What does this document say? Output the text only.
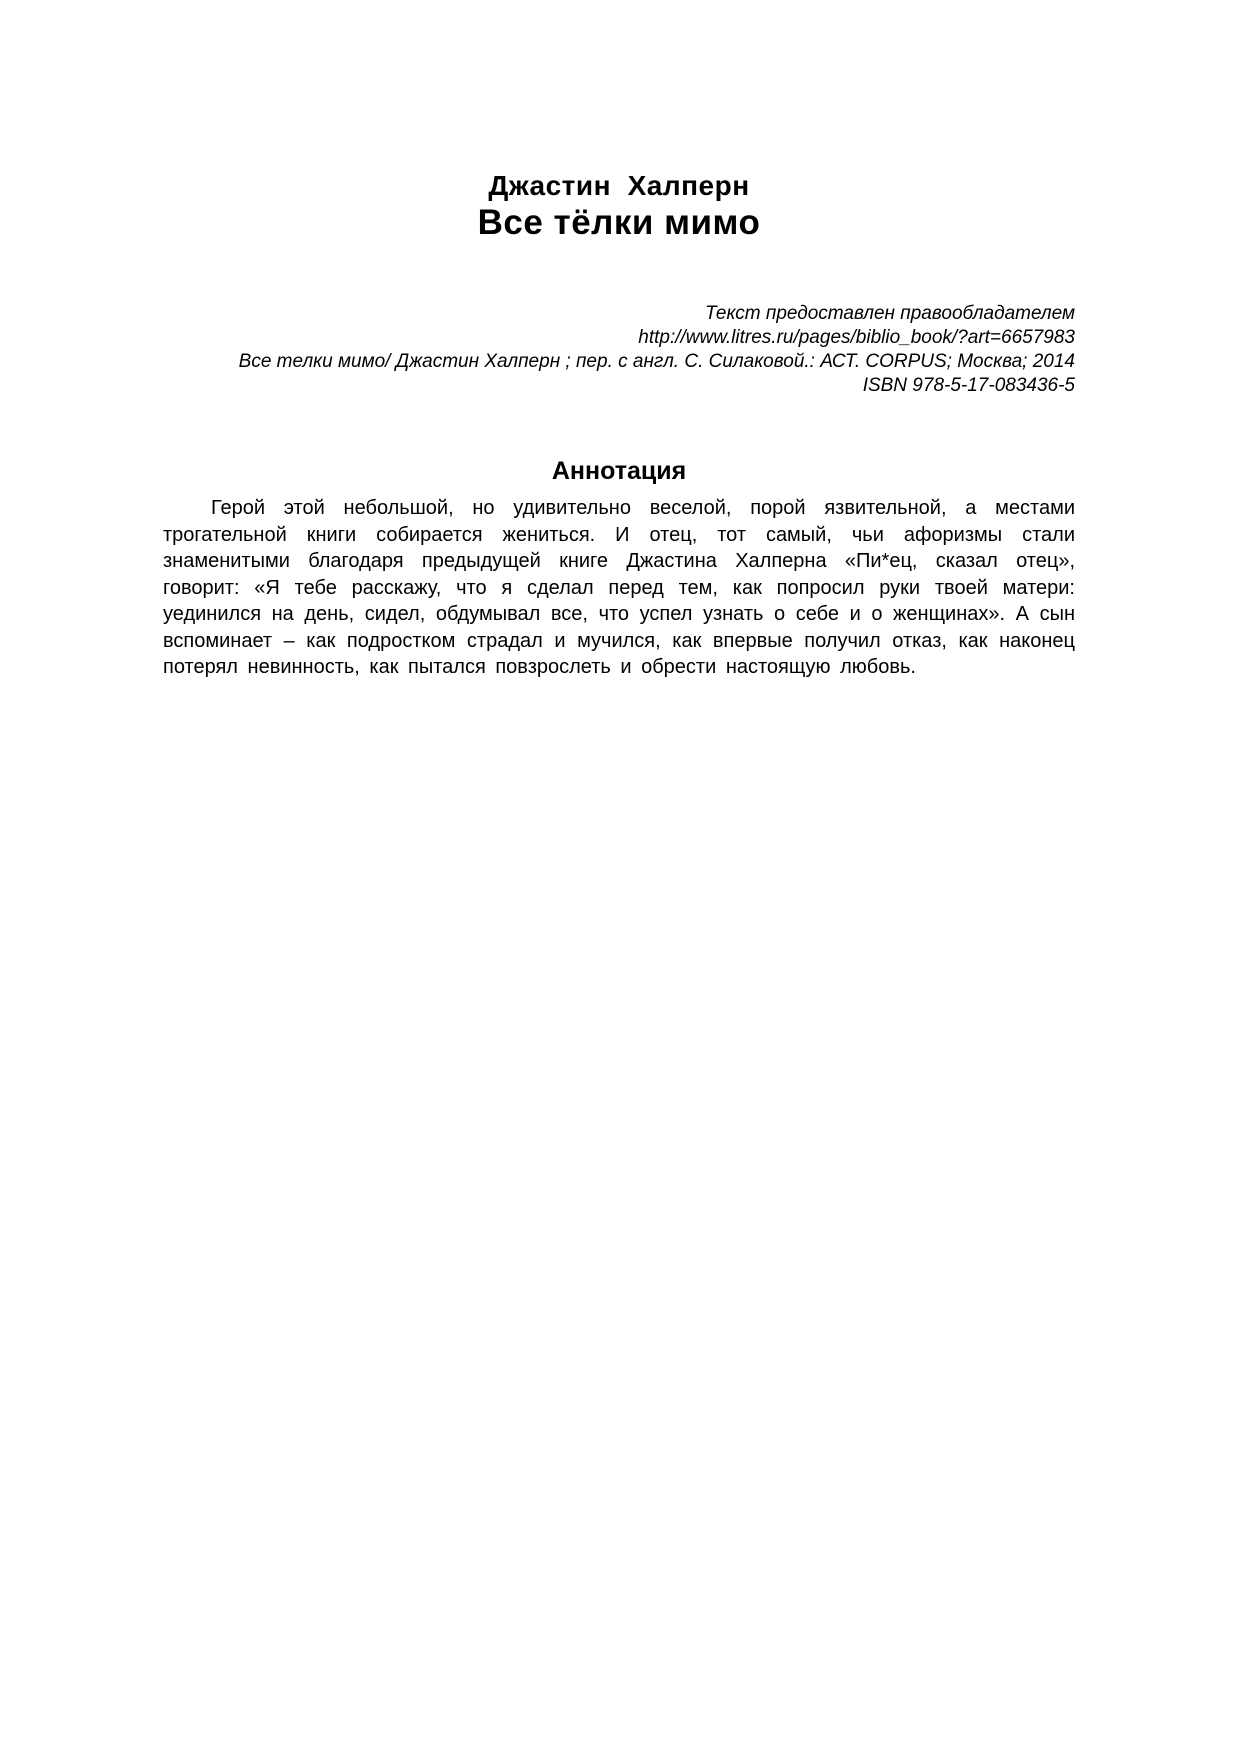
Джастин  Халперн
Все тёлки мимо
Текст предоставлен правообладателем
http://www.litres.ru/pages/biblio_book/?art=6657983
Все телки мимо/ Джастин Халперн ; пер. с англ. С. Силаковой.: АСТ. CORPUS; Москва; 2014
ISBN 978-5-17-083436-5
Аннотация

Герой этой небольшой, но удивительно веселой, порой язвительной, а местами трогательной книги собирается жениться. И отец, тот самый, чьи афоризмы стали знаменитыми благодаря предыдущей книге Джастина Халперна «Пи*ец, сказал отец», говорит: «Я тебе расскажу, что я сделал перед тем, как попросил руки твоей матери: уединился на день, сидел, обдумывал все, что успел узнать о себе и о женщинах». А сын вспоминает – как подростком страдал и мучился, как впервые получил отказ, как наконец потерял невинность, как пытался повзрослеть и обрести настоящую любовь.
